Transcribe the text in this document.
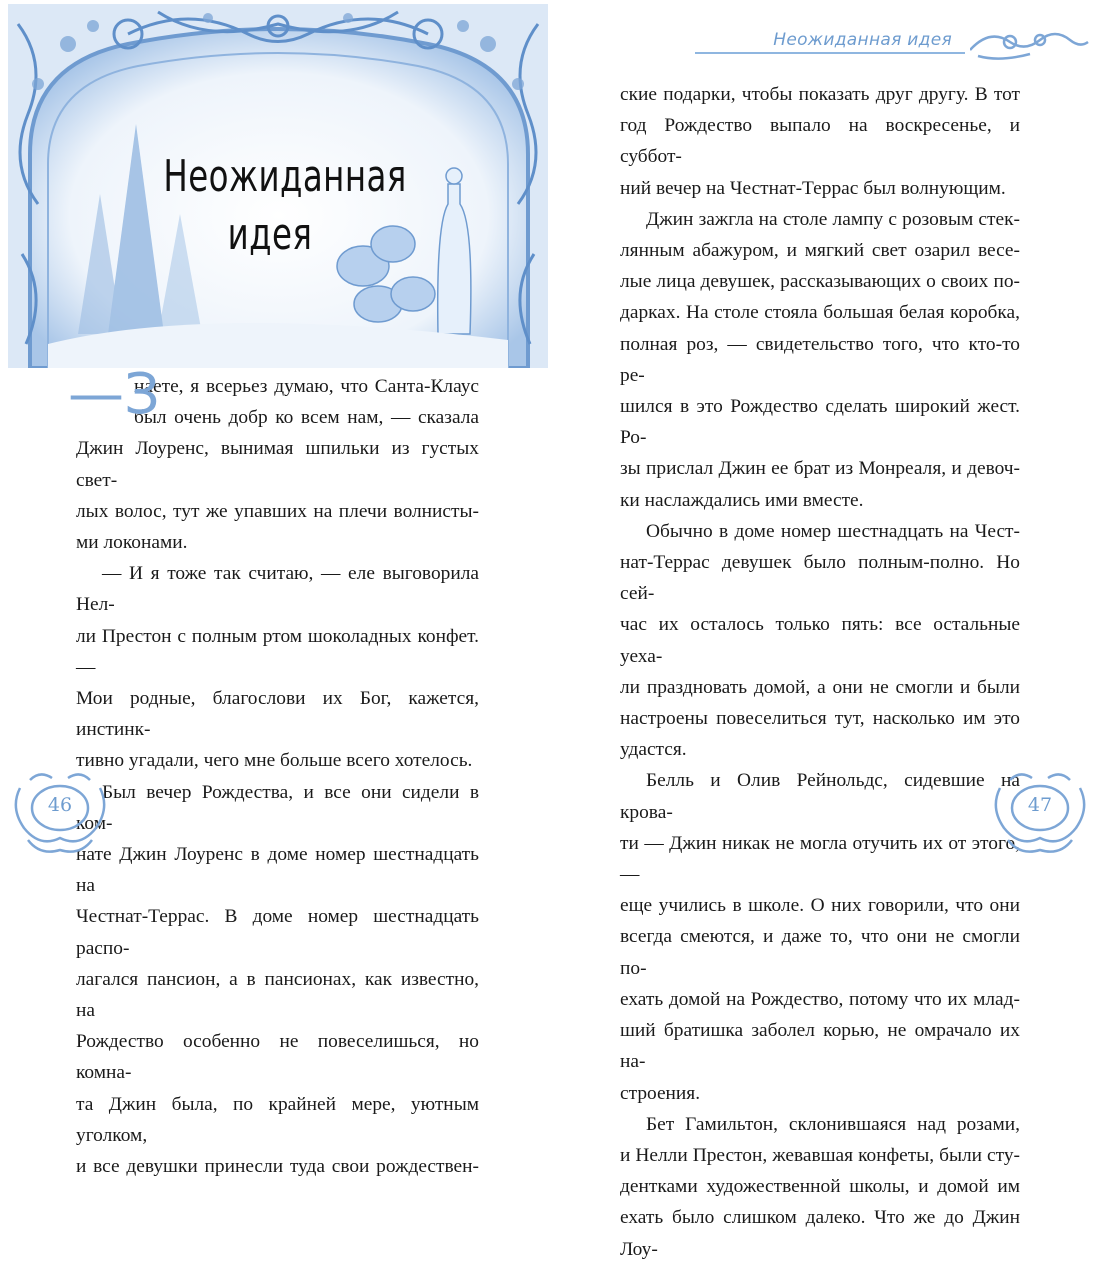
Неожиданная
идея
—З
наете, я всерьез думаю, что Санта-Клаус
был очень добр ко всем нам, — сказала

Джин Лоуренс, вынимая шпильки из густых свет-
лых волос, тут же упавших на плечи волнисты-
ми локонами.

— И я тоже так считаю, — еле выговорила Нел-
ли Престон с полным ртом шоколадных конфет. —
Мои родные, благослови их Бог, кажется, инстинк-
тивно угадали, чего мне больше всего хотелось.

Был вечер Рождества, и все они сидели в ком-
нате Джин Лоуренс в доме номер шестнадцать на
Честнат-Террас. В доме номер шестнадцать распо-
лагался пансион, а в пансионах, как известно, на
Рождество особенно не повеселишься, но комна-
та Джин была, по крайней мере, уютным уголком,
и все девушки принесли туда свои рождествен-

46
Неожиданная идея

ские подарки, чтобы показать друг другу. В тот
год Рождество выпало на воскресенье, и суббот-
ний вечер на Честнат-Террас был волнующим.

Джин зажгла на столе лампу с розовым стек-
лянным абажуром, и мягкий свет озарил весе-
лые лица девушек, рассказывающих о своих по-
дарках. На столе стояла большая белая коробка,
полная роз, — свидетельство того, что кто-то ре-
шился в это Рождество сделать широкий жест. Ро-
зы прислал Джин ее брат из Монреаля, и девоч-
ки наслаждались ими вместе.

Обычно в доме номер шестнадцать на Чест-
нат-Террас девушек было полным-полно. Но сей-
час их осталось только пять: все остальные уеха-
ли праздновать домой, а они не смогли и были
настроены повеселиться тут, насколько им это
удастся.

Белль и Олив Рейнольдс, сидевшие на крова-
ти — Джин никак не могла отучить их от этого, —
еще учились в школе. О них говорили, что они
всегда смеются, и даже то, что они не смогли по-
ехать домой на Рождество, потому что их млад-
ший братишка заболел корью, не омрачало их на-
строения.

Бет Гамильтон, склонившаяся над розами,
и Нелли Престон, жевавшая конфеты, были сту-
дентками художественной школы, и домой им
ехать было слишком далеко. Что же до Джин Лоу-

47
